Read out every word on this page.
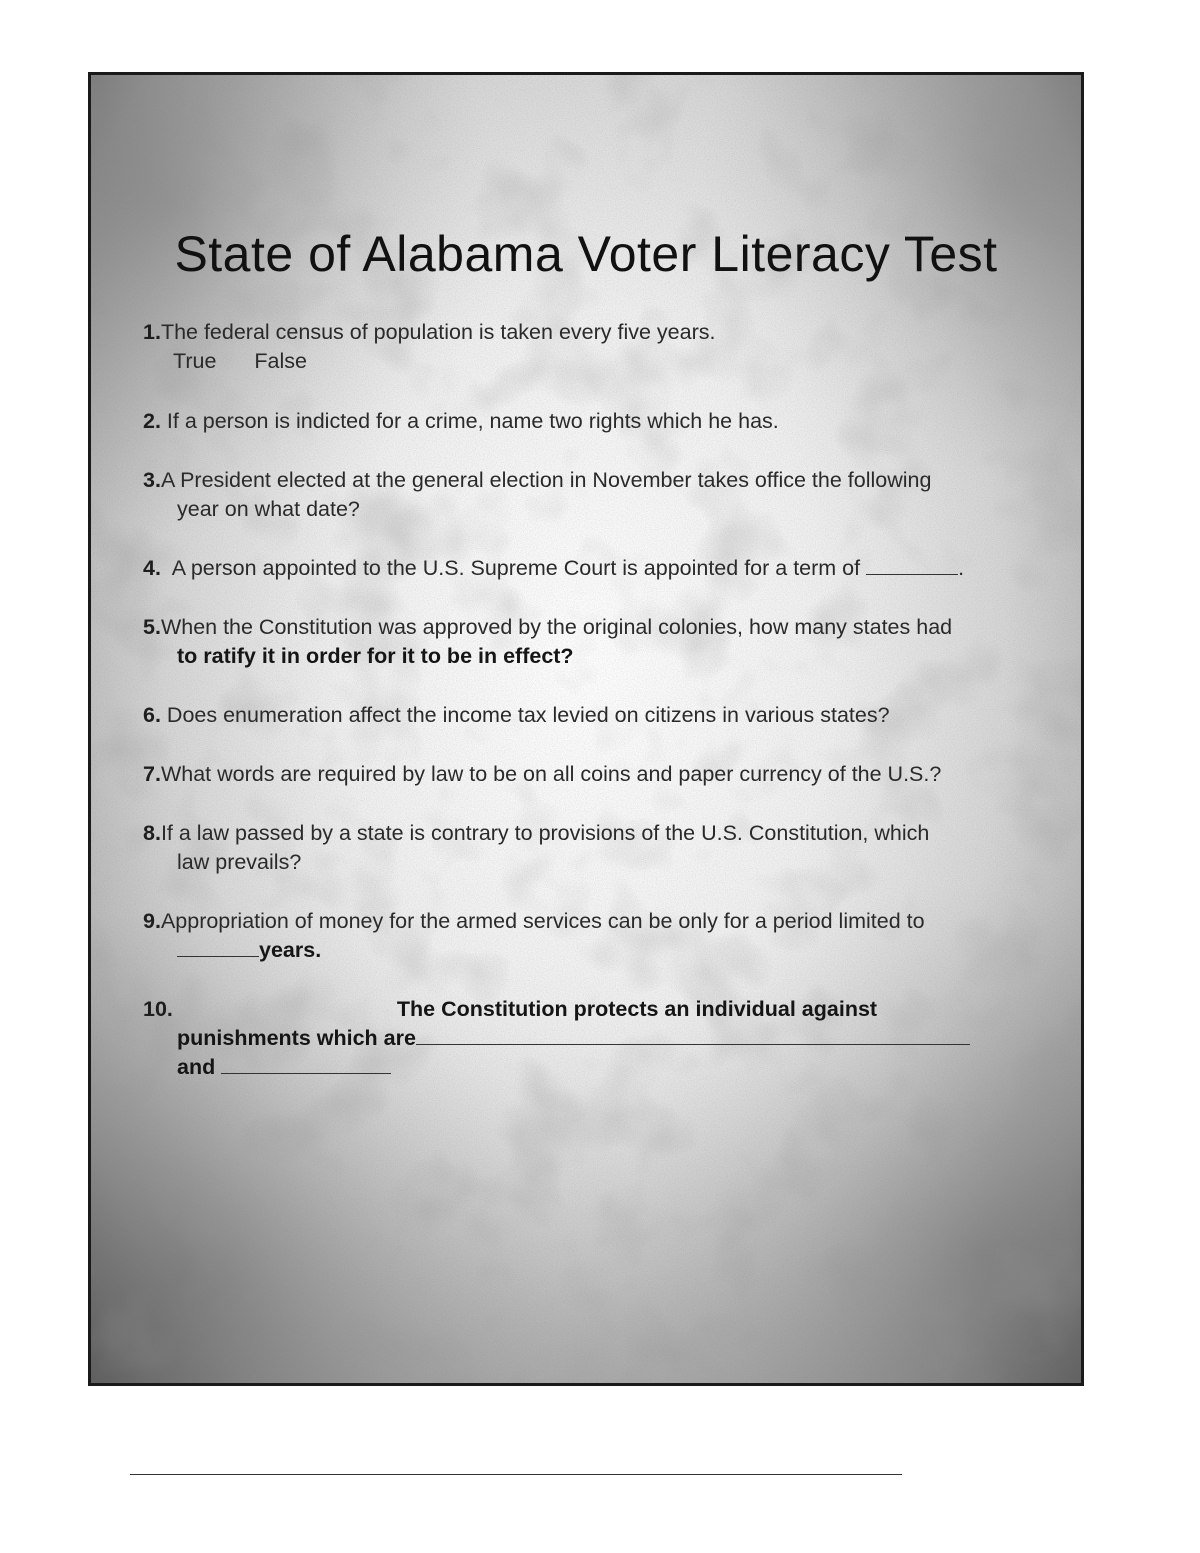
State of Alabama Voter Literacy Test
1.The federal census of population is taken every five years.
True False
2. If a person is indicted for a crime, name two rights which he has.
3.A President elected at the general election in November takes office the following
year on what date?
4.  A person appointed to the U.S. Supreme Court is appointed for a term of	.
5.When the Constitution was approved by the original colonies, how many states had
to ratify it in order for it to be in effect?
6. Does enumeration affect the income tax levied on citizens in various states?
7.What words are required by law to be on all coins and paper currency of the U.S.?
8.If a law passed by a state is contrary to provisions of the U.S. Constitution, which
law prevails?
9.Appropriation of money for the armed services can be only for a period limited to
years.
10.	The Constitution protects an individual against
punishments which are
and
